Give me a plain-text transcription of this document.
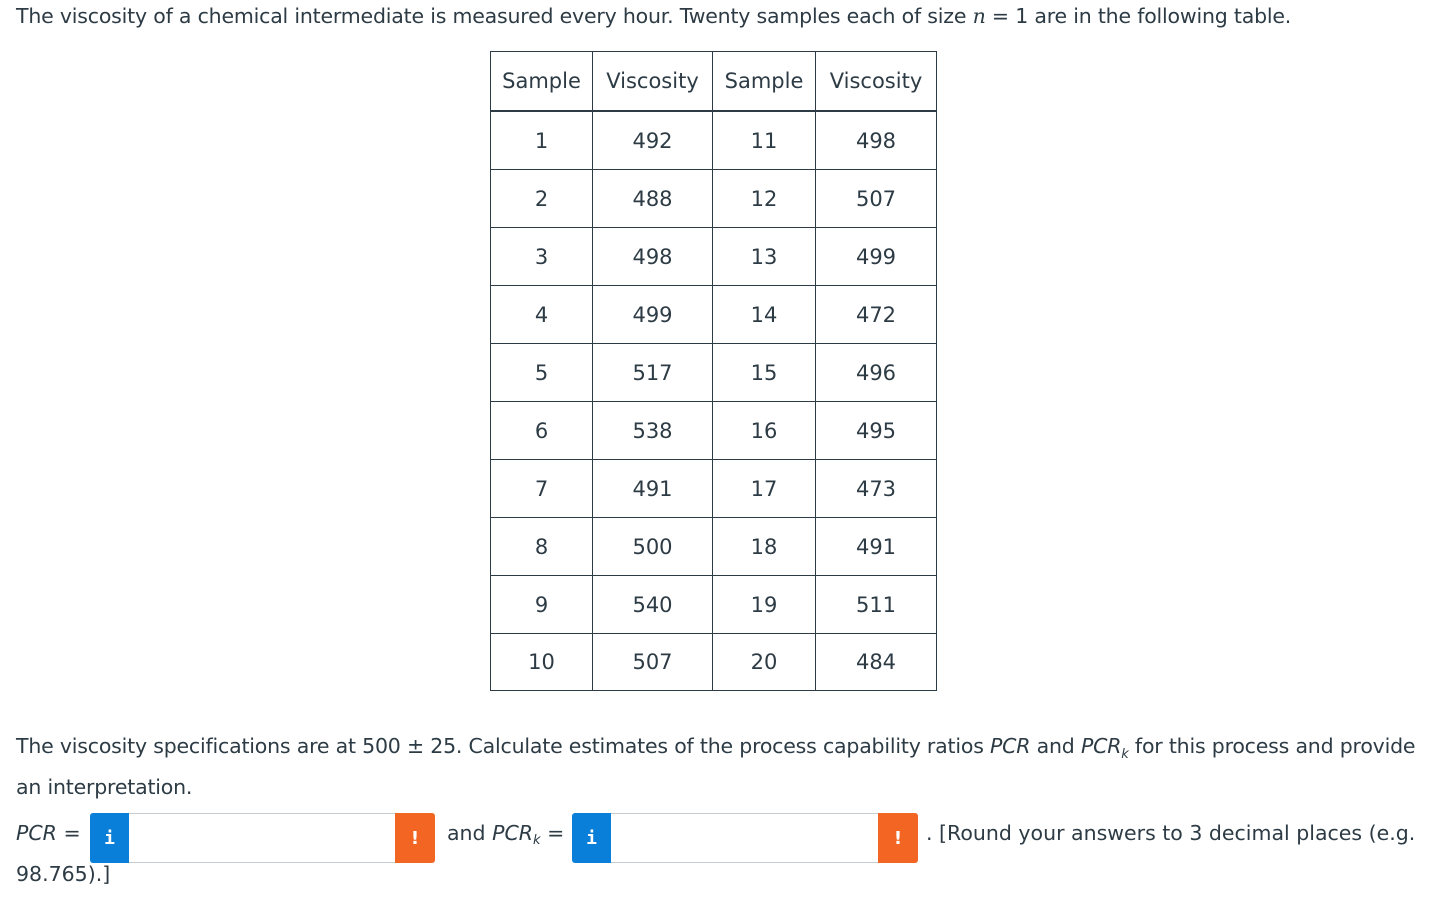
The viscosity of a chemical intermediate is measured every hour. Twenty samples each of size n = 1 are in the following table.
Sample	Viscosity	Sample	Viscosity
1	492	11	498
2	488	12	507
3	498	13	499
4	499	14	472
5	517	15	496
6	538	16	495
7	491	17	473
8	500	18	491
9	540	19	511
10	507	20	484
The viscosity specifications are at 500 ± 25. Calculate estimates of the process capability ratios PCR and $PCR_k$ for this process and provide an interpretation.
PCR =	i	!	and $PCR_k$ =	i	!	. [Round your answers to 3 decimal places (e.g.
98.765).]
